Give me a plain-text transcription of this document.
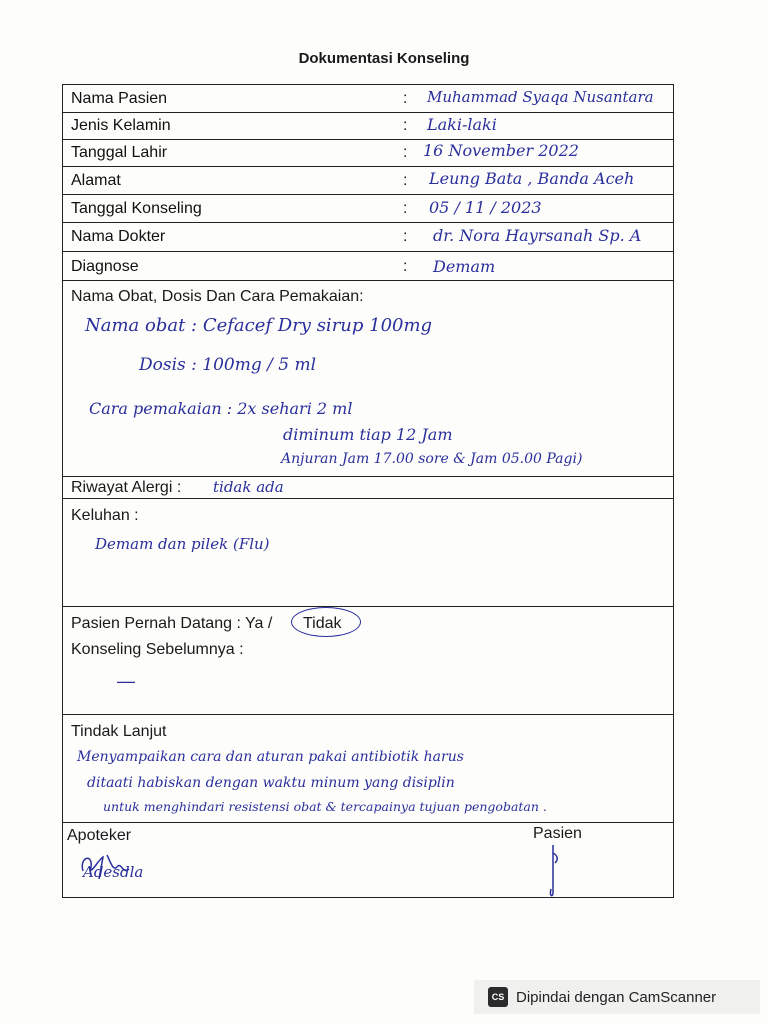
Dokumentasi Konseling
Nama Pasien	: Muhammad Syaqa Nusantara
Jenis Kelamin	: Laki-laki
Tanggal Lahir	: 16 November 2022
Alamat	: Leung Bata , Banda Aceh
Tanggal Konseling	: 05 / 11 / 2023
Nama Dokter	: dr. Nora Hayrsanah Sp. A
Diagnose	: Demam
Nama Obat, Dosis Dan Cara Pemakaian:
Nama obat : Cefacef Dry sirup 100mg
Dosis : 100mg / 5 ml
Cara pemakaian : 2x sehari 2 ml
diminum tiap 12 Jam
Anjuran Jam 17.00 sore & Jam 05.00 Pagi)
Riwayat Alergi : tidak ada
Keluhan :
Demam dan pilek (Flu)
Pasien Pernah Datang : Ya / Tidak
Konseling Sebelumnya :
—
Tindak Lanjut
Menyampaikan cara dan aturan pakai antibiotik harus
ditaati habiskan dengan waktu minum yang disiplin
untuk menghindari resistensi obat & tercapainya tujuan pengobatan .
Apoteker
Adesdla
Pasien
CS Dipindai dengan CamScanner
